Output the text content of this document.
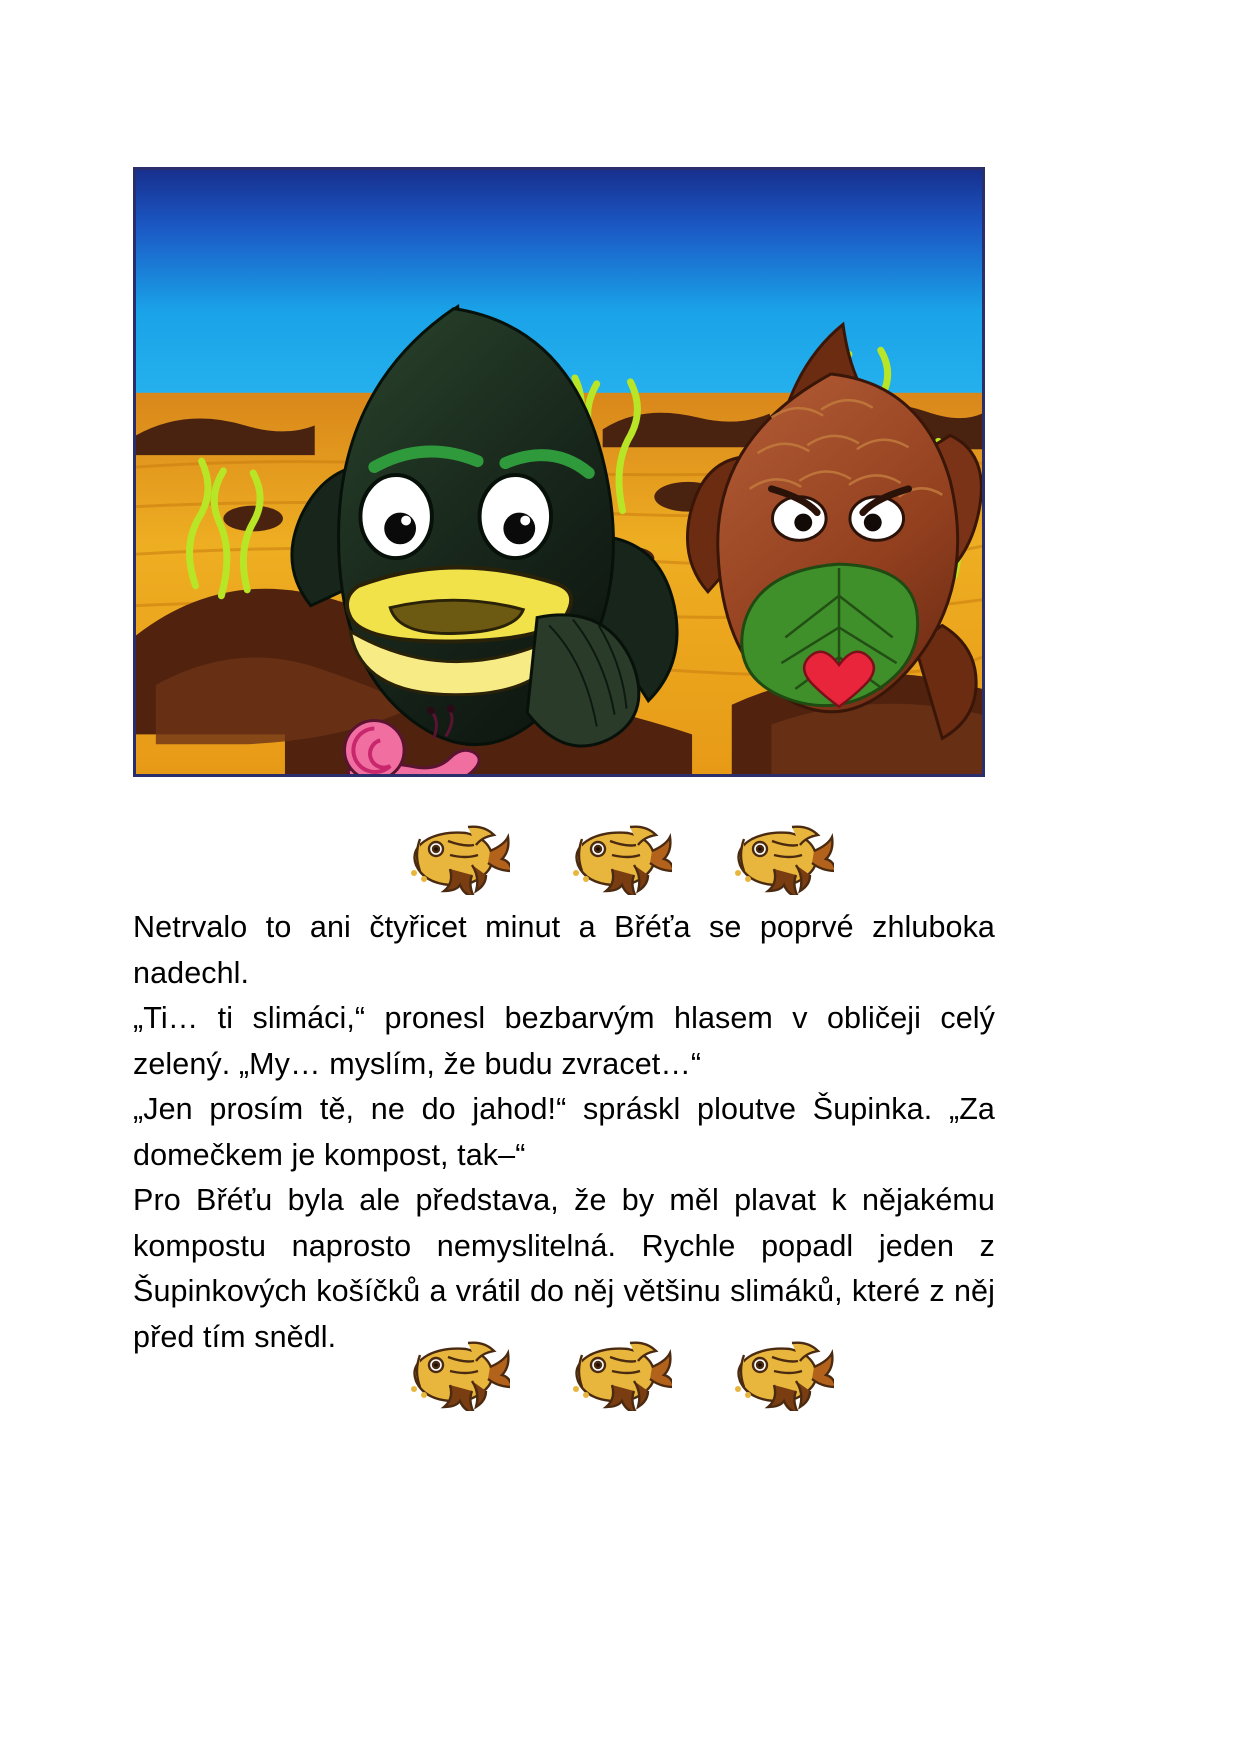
Netrvalo to ani čtyřicet minut a Břéťa se poprvé zhluboka nadechl.

„Ti… ti slimáci,“ pronesl bezbarvým hlasem v obličeji celý zelený. „My… myslím, že budu zvracet…“

„Jen prosím tě, ne do jahod!“ spráskl ploutve Šupinka. „Za domečkem je kompost, tak–“

Pro Břéťu byla ale představa, že by měl plavat k nějakému kompostu naprosto nemyslitelná. Rychle popadl jeden z Šupinkových košíčků a vrátil do něj většinu slimáků, které z něj před tím snědl.
